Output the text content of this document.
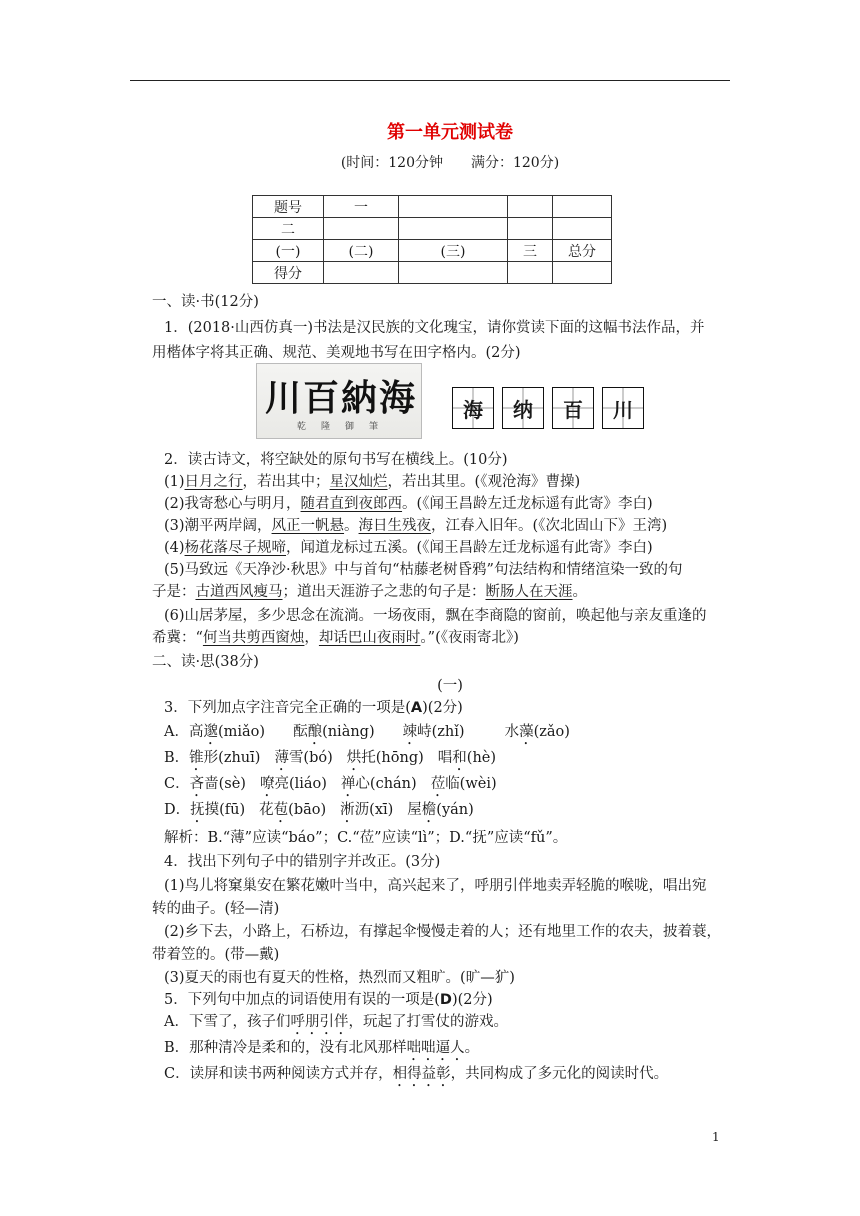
第一单元测试卷
(时间：120分钟　　满分：120分)
题号	一			
二				
(一)	(二)	(三)	三	总分
得分				
一、读·书(12分)
1．(2018·山西仿真一)书法是汉民族的文化瑰宝，请你赏读下面的这幅书法作品，并
用楷体字将其正确、规范、美观地书写在田字格内。(2分)
川百納海
乾　隆　御　筆
海 纳 百 川
2．读古诗文，将空缺处的原句书写在横线上。(10分)
(1)日月之行，若出其中；星汉灿烂，若出其里。(《观沧海》曹操)
(2)我寄愁心与明月，随君直到夜郎西。(《闻王昌龄左迁龙标遥有此寄》李白)
(3)潮平两岸阔，风正一帆悬。海日生残夜，江春入旧年。(《次北固山下》王湾)
(4)杨花落尽子规啼，闻道龙标过五溪。(《闻王昌龄左迁龙标遥有此寄》李白)
(5)马致远《天净沙·秋思》中与首句“枯藤老树昏鸦”句法结构和情绪渲染一致的句
子是：古道西风瘦马；道出天涯游子之悲的句子是：断肠人在天涯。
(6)山居茅屋，多少思念在流淌。一场夜雨，飘在李商隐的窗前，唤起他与亲友重逢的
希冀：“何当共剪西窗烛，却话巴山夜雨时。”(《夜雨寄北》)
二、读·思(38分)
(一)
3．下列加点字注音完全正确的一项是(A)(2分)
A．高邈(miǎo) 酝酿(niàng) 竦峙(zhǐ)	水藻(zǎo)
B．锥形(zhuī) 薄雪(bó) 烘托(hōng) 唱和(hè)
C．吝啬(sè) 嘹亮(liáo) 禅心(chán) 莅临(wèi)
D．抚摸(fū) 花苞(bāo) 淅沥(xī) 屋檐(yán)
解析：B.“薄”应读“báo”；C.“莅”应读“lì”；D.“抚”应读“fǔ”。
4．找出下列句子中的错别字并改正。(3分)
(1)鸟儿将窠巢安在繁花嫩叶当中，高兴起来了，呼朋引伴地卖弄轻脆的喉咙，唱出宛
转的曲子。(轻—清)
(2)乡下去，小路上，石桥边，有撑起伞慢慢走着的人；还有地里工作的农夫，披着蓑，
带着笠的。(带—戴)
(3)夏天的雨也有夏天的性格，热烈而又粗旷。(旷—犷)
5．下列句中加点的词语使用有误的一项是(D)(2分)
A．下雪了，孩子们呼朋引伴，玩起了打雪仗的游戏。
B．那种清冷是柔和的，没有北风那样咄咄逼人。
C．读屏和读书两种阅读方式并存，相得益彰，共同构成了多元化的阅读时代。
1
